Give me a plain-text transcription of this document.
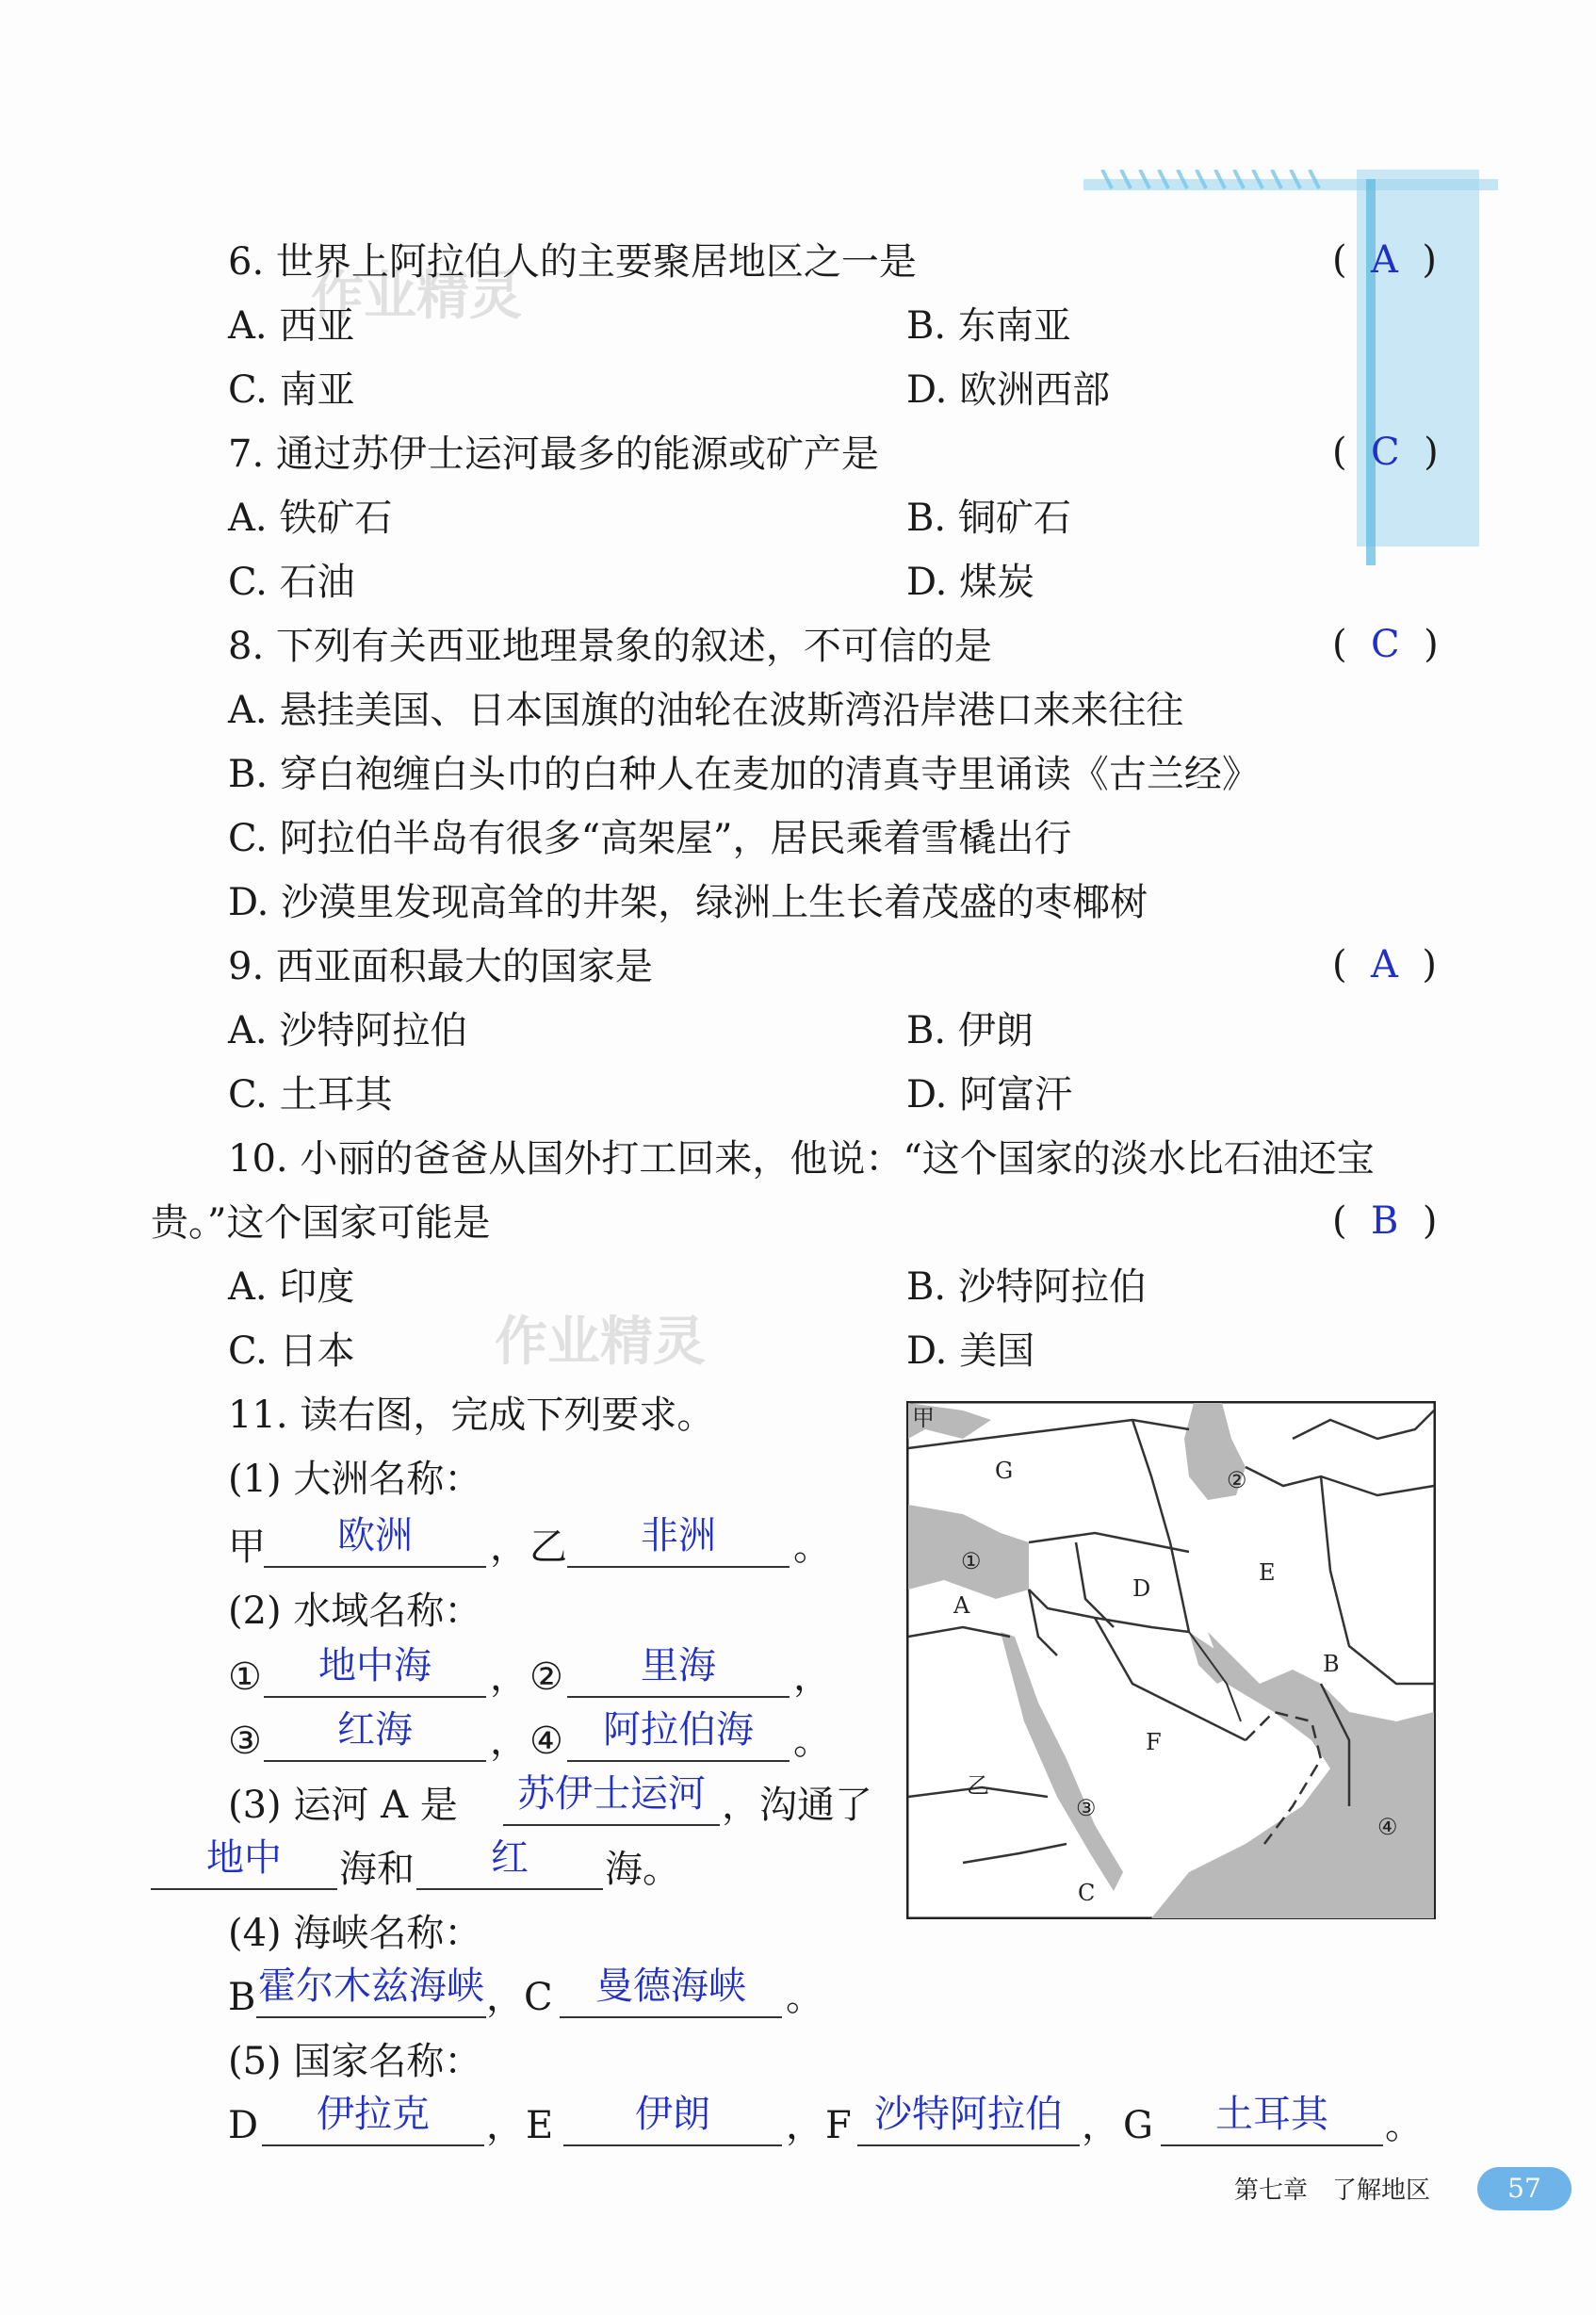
作业精灵
作业精灵
6. 世界上阿拉伯人的主要聚居地区之一是	( A )
A. 西亚	B. 东南亚
C. 南亚	D. 欧洲西部
7. 通过苏伊士运河最多的能源或矿产是	( C )
A. 铁矿石	B. 铜矿石
C. 石油	D. 煤炭
8. 下列有关西亚地理景象的叙述，不可信的是	( C )
A. 悬挂美国、日本国旗的油轮在波斯湾沿岸港口来来往往
B. 穿白袍缠白头巾的白种人在麦加的清真寺里诵读《古兰经》
C. 阿拉伯半岛有很多“高架屋”，居民乘着雪橇出行
D. 沙漠里发现高耸的井架，绿洲上生长着茂盛的枣椰树
9. 西亚面积最大的国家是	( A )
A. 沙特阿拉伯	B. 伊朗
C. 土耳其	D. 阿富汗
10. 小丽的爸爸从国外打工回来，他说：“这个国家的淡水比石油还宝
贵。”这个国家可能是	( B )
A. 印度	B. 沙特阿拉伯
C. 日本	D. 美国
11. 读右图，完成下列要求。
(1) 大洲名称：
甲	欧洲	， 乙	非洲	。
(2) 水域名称：
①	地中海	， ②	里海	，
③	红海	， ④	阿拉伯海	。
(3) 运河 A 是	苏伊士运河 ，沟通了
地中	海和	红	海。
(4) 海峡名称：
B 霍尔木兹海峡 ， C	曼德海峡	。
(5) 国家名称：
D	伊拉克	， E	伊朗	， F 沙特阿拉伯 ， G	土耳其	。
甲
乙
A
B
C
D
E
F
G
①
②
③
④
第七章　了解地区	57
